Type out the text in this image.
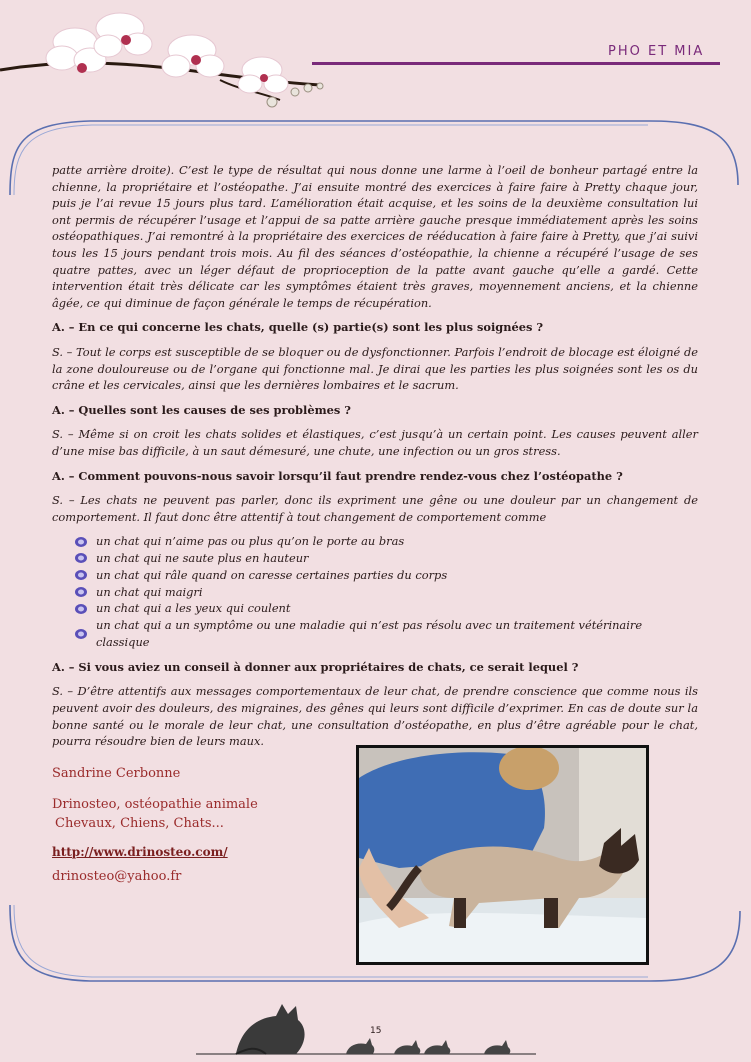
PHO ET MIA

patte arrière droite). C’est le type de résultat qui nous donne une larme à l’oeil de bonheur partagé entre la chienne, la propriétaire et l’ostéopathe. J’ai ensuite montré des exercices à faire faire à Pretty chaque jour, puis je l’ai revue 15 jours plus tard. L’amélioration était acquise, et les soins de la deuxième consultation lui ont permis de récupérer l’usage et l’appui de sa patte arrière gauche presque immédiatement après les soins ostéopathiques. J’ai remontré à la propriétaire des exercices de rééducation à faire faire à Pretty, que j’ai suivi tous les 15 jours pendant trois mois. Au fil des séances d’ostéopathie, la chienne a récupéré l’usage de ses quatre pattes, avec un léger défaut de proprioception de la patte avant gauche qu’elle a gardé. Cette intervention était très délicate car les symptômes étaient très graves, moyennement anciens, et la chienne âgée, ce qui diminue de façon générale le temps de récupération.

A. – En ce qui concerne les chats, quelle (s) partie(s) sont les plus soignées ?

S. – Tout le corps est susceptible de se bloquer ou de dysfonctionner. Parfois l’endroit de blocage est éloigné de la zone douloureuse ou de l’organe qui fonctionne mal. Je dirai que les parties les plus soignées sont les os du crâne et les cervicales, ainsi que les dernières lombaires et le sacrum.

A. – Quelles sont les causes de ses problèmes ?

S. – Même si on croit les chats solides et élastiques, c’est jusqu’à un certain point. Les causes peuvent aller d’une mise bas difficile, à un saut démesuré, une chute, une infection ou un gros stress.

A. – Comment pouvons-nous savoir lorsqu’il faut prendre rendez-vous chez l’ostéopathe ?

S. – Les chats ne peuvent pas parler, donc ils expriment une gêne ou une douleur par un changement de comportement. Il faut donc être attentif à tout changement de comportement comme

un chat qui n’aime pas ou plus qu’on le porte au bras
un chat qui ne saute plus en hauteur
un chat qui râle quand on caresse certaines parties du corps
un chat qui maigri
un chat qui a les yeux qui coulent
un chat qui a un symptôme ou une maladie qui n’est pas résolu avec un traitement vétérinaire classique

A. – Si vous aviez un conseil à donner aux propriétaires de chats, ce serait lequel ?

S. – D’être attentifs aux messages comportementaux de leur chat, de prendre conscience que comme nous ils peuvent avoir des douleurs, des migraines, des gênes qui leurs sont difficile d’exprimer. En cas de doute sur la bonne santé ou le morale de leur chat, une consultation d’ostéopathe, en plus d’être agréable pour le chat, pourra résoudre bien de leurs maux.

Sandrine Cerbonne
Drinosteo, ostéopathie animale
Chevaux, Chiens, Chats...
http://www.drinosteo.com/
drinosteo@yahoo.fr
15
